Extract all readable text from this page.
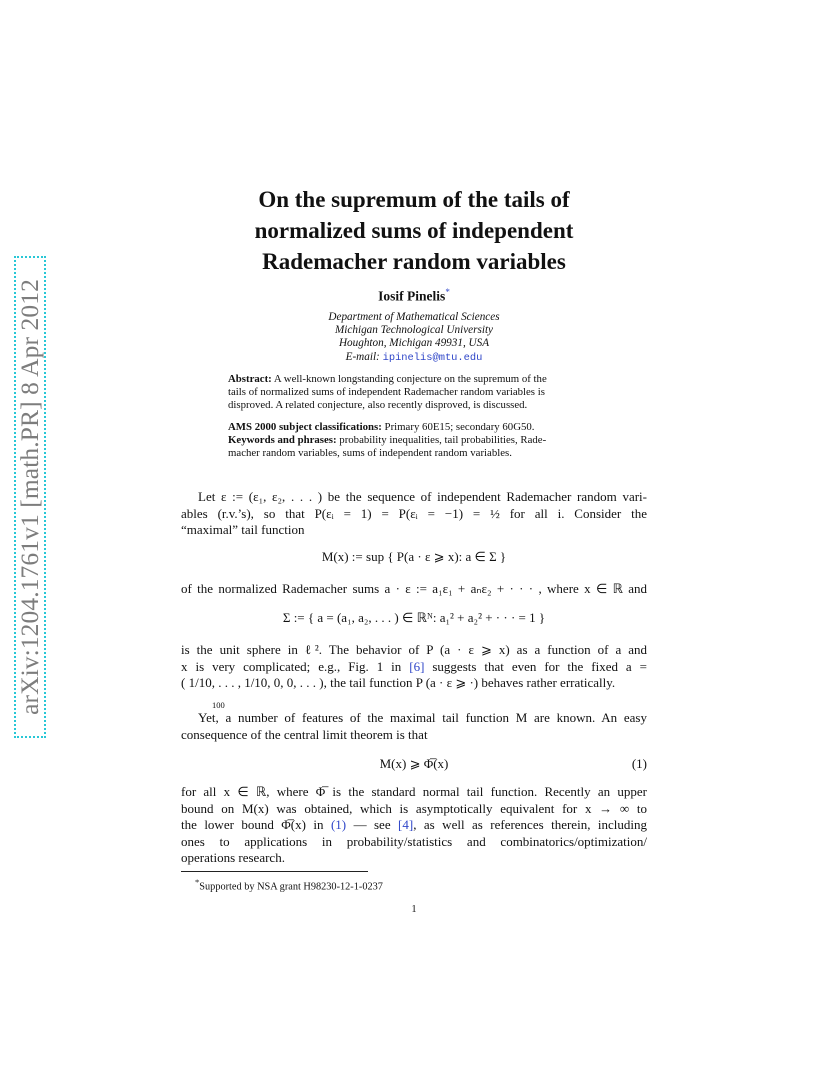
arXiv:1204.1761v1 [math.PR] 8 Apr 2012
On the supremum of the tails of
normalized sums of independent
Rademacher random variables
Iosif Pinelis*
Department of Mathematical Sciences
Michigan Technological University
Houghton, Michigan 49931, USA
E-mail: ipinelis@mtu.edu
Abstract: A well-known longstanding conjecture on the supremum of the
tails of normalized sums of independent Rademacher random variables is
disproved. A related conjecture, also recently disproved, is discussed.
AMS 2000 subject classifications: Primary 60E15; secondary 60G50.
Keywords and phrases: probability inequalities, tail probabilities, Rade-
macher random variables, sums of independent random variables.
Let ε := (ε₁, ε₂, . . . ) be the sequence of independent Rademacher random vari-
ables (r.v.’s), so that P(εᵢ = 1) = P(εᵢ = −1) = ½ for all i. Consider the
“maximal” tail function
M(x) := sup { P(a · ε ⩾ x): a ∈ Σ }
of the normalized Rademacher sums a · ε := a₁ε₁ + aₙε₂ + · · · , where x ∈ ℝ and
Σ := { a = (a₁, a₂, . . . ) ∈ ℝᴺ: a₁² + a₂² + · · · = 1 }
is the unit sphere in ℓ². The behavior of P (a · ε ⩾ x) as a function of a and
x is very complicated; e.g., Fig. 1 in [6] suggests that even for the fixed a =
( 1/10, . . . , 1/10, 0, 0, . . . ), the tail function P (a · ε ⩾ ·) behaves rather erratically.
100
Yet, a number of features of the maximal tail function M are known. An easy
consequence of the central limit theorem is that
M(x) ⩾ Φ̅(x)	(1)
for all x ∈ ℝ, where Φ̅ is the standard normal tail function. Recently an upper
bound on M(x) was obtained, which is asymptotically equivalent for x → ∞ to
the lower bound Φ̅(x) in (1) — see [4], as well as references therein, including
ones to applications in probability/statistics and combinatorics/optimization/
operations research.
*Supported by NSA grant H98230-12-1-0237
1
